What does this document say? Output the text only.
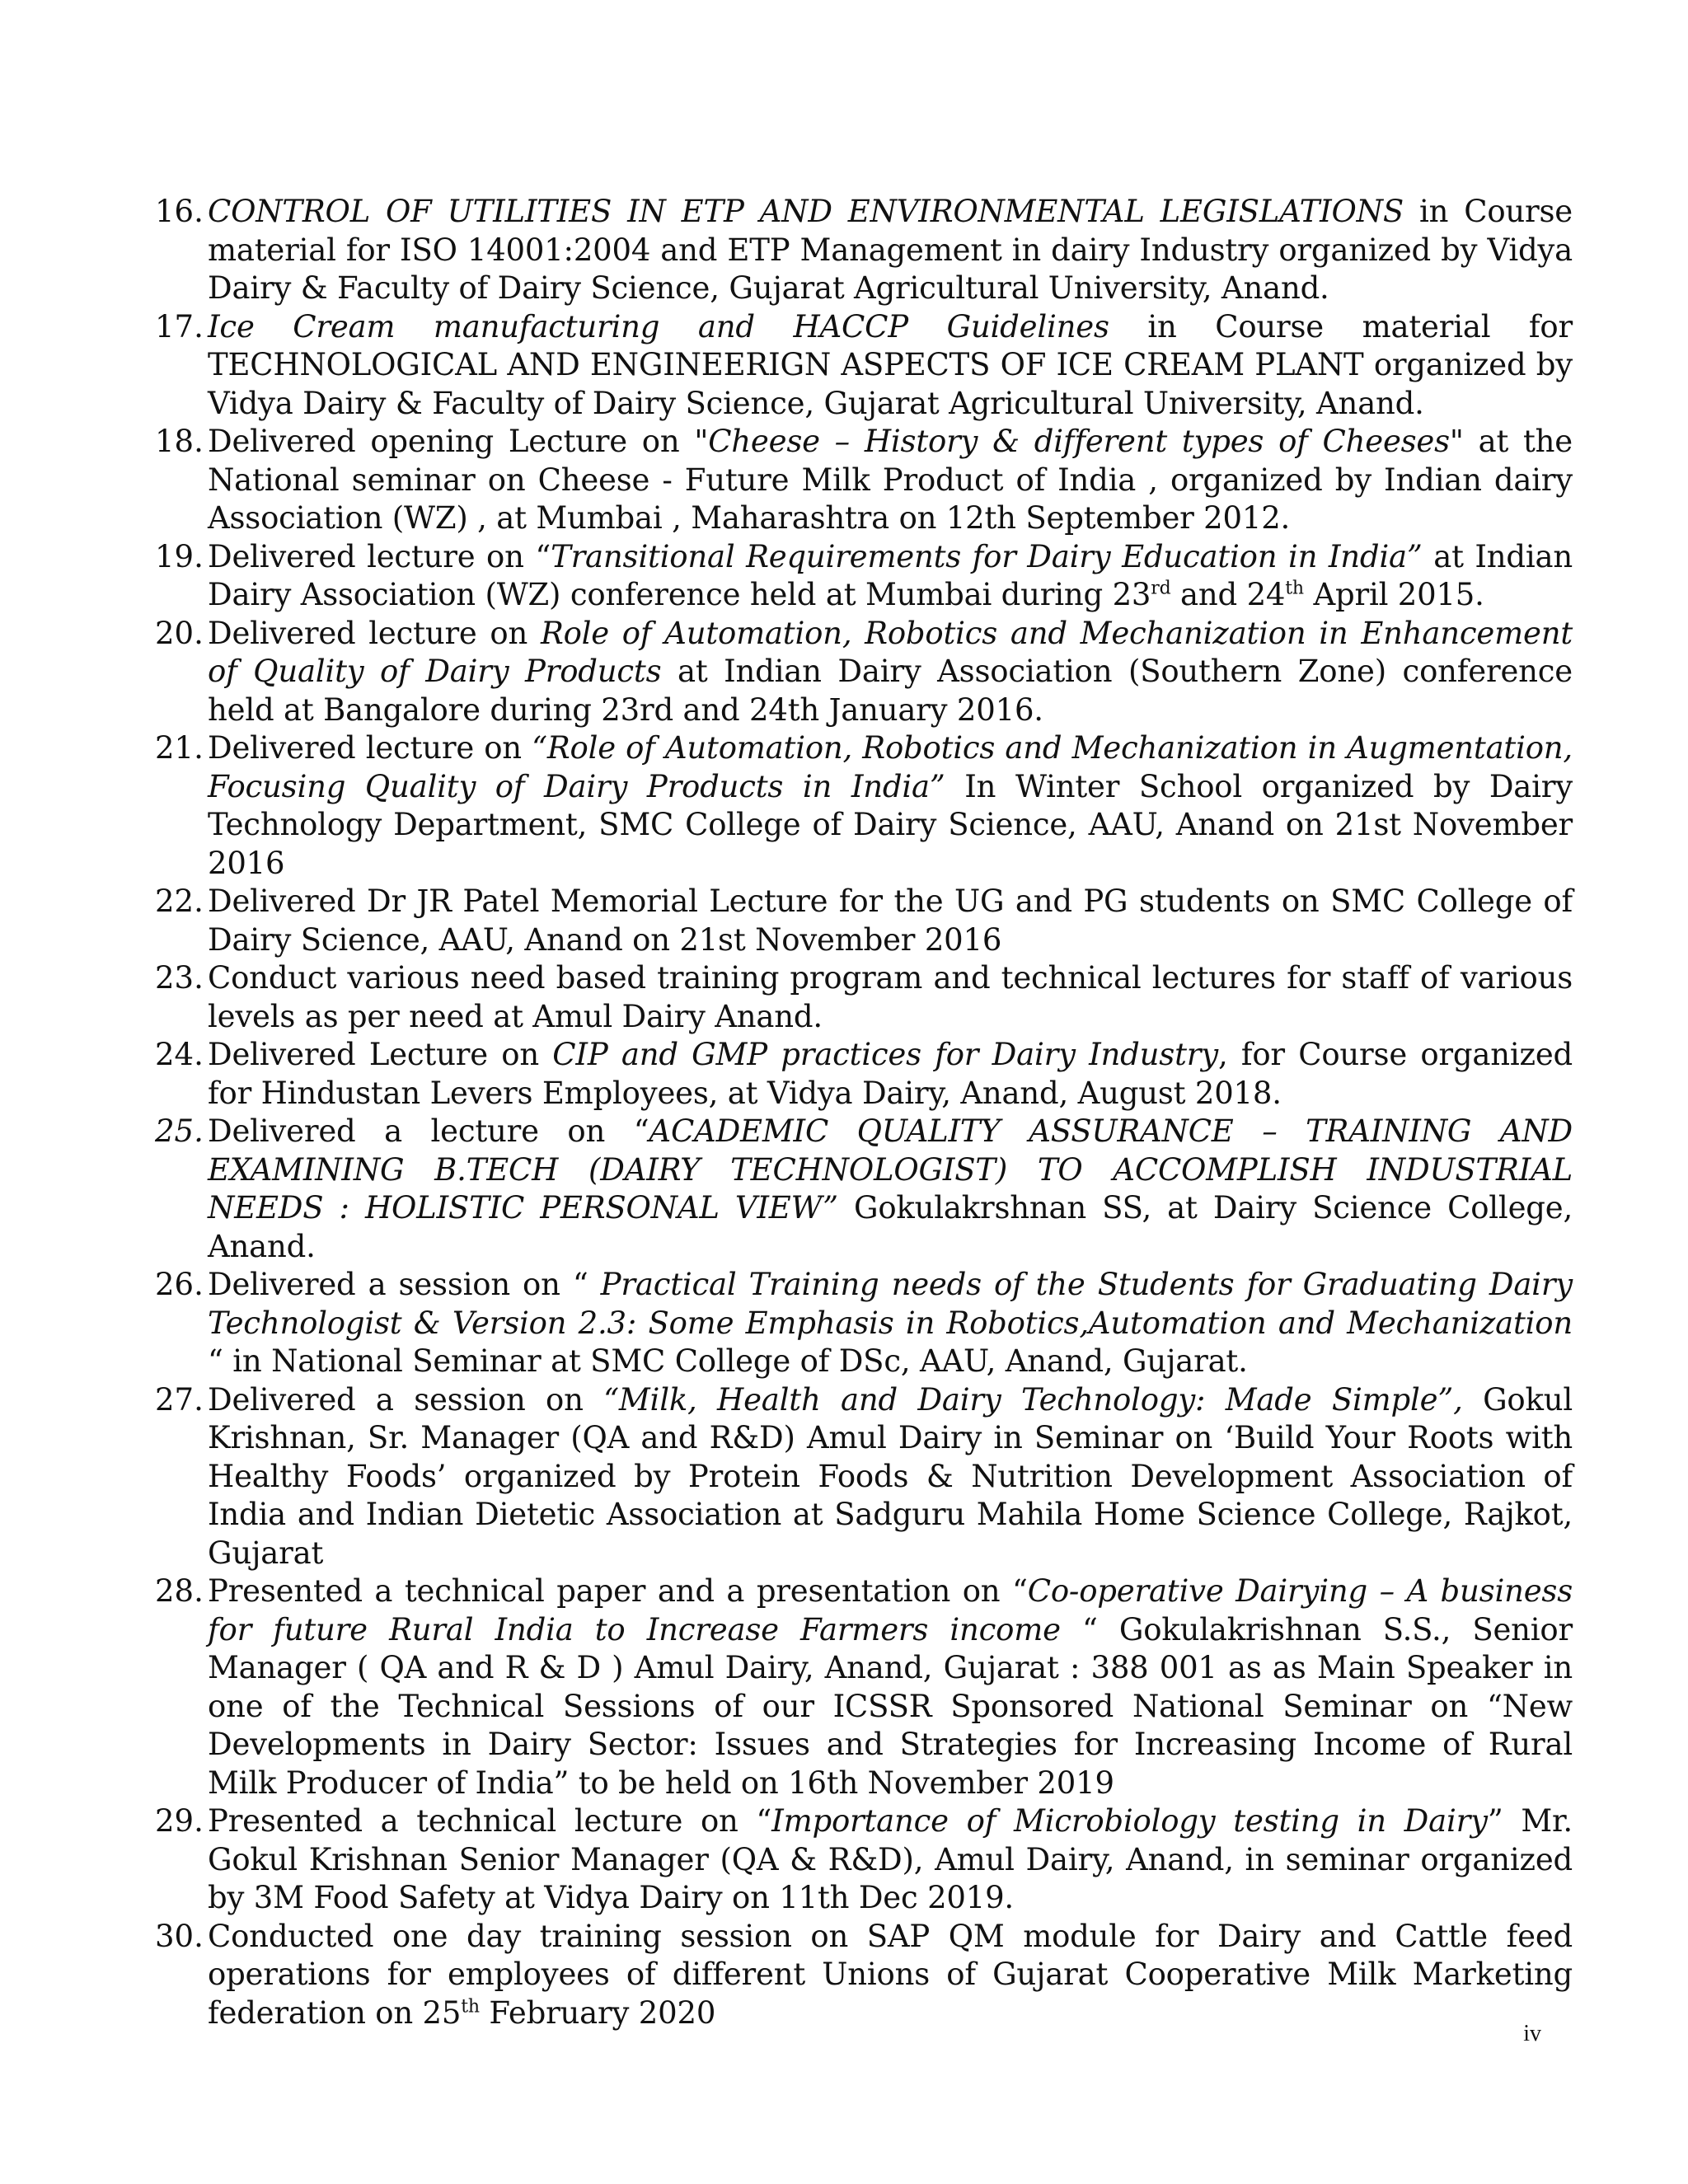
16. CONTROL OF UTILITIES IN ETP AND ENVIRONMENTAL LEGISLATIONS in Course material for ISO 14001:2004 and ETP Management in dairy Industry organized by Vidya Dairy & Faculty of Dairy Science, Gujarat Agricultural University, Anand.
17. Ice Cream manufacturing and HACCP Guidelines in Course material for TECHNOLOGICAL AND ENGINEERIGN ASPECTS OF ICE CREAM PLANT organized by Vidya Dairy & Faculty of Dairy Science, Gujarat Agricultural University, Anand.
18. Delivered opening Lecture on "Cheese – History & different types of Cheeses" at the National seminar on Cheese - Future Milk Product of India , organized by Indian dairy Association (WZ) , at Mumbai , Maharashtra on 12th September 2012.
19. Delivered lecture on “Transitional Requirements for Dairy Education in India” at Indian Dairy Association (WZ) conference held at Mumbai during 23rd and 24th April 2015.
20. Delivered lecture on Role of Automation, Robotics and Mechanization in Enhancement of Quality of Dairy Products at Indian Dairy Association (Southern Zone) conference held at Bangalore during 23rd and 24th January 2016.
21. Delivered lecture on “Role of Automation, Robotics and Mechanization in Augmentation, Focusing Quality of Dairy Products in India” In Winter School organized by Dairy Technology Department, SMC College of Dairy Science, AAU, Anand on 21st November 2016
22. Delivered Dr JR Patel Memorial Lecture for the UG and PG students on SMC College of Dairy Science, AAU, Anand on 21st November 2016
23. Conduct various need based training program and technical lectures for staff of various levels as per need at Amul Dairy Anand.
24. Delivered Lecture on CIP and GMP practices for Dairy Industry, for Course organized for Hindustan Levers Employees, at Vidya Dairy, Anand, August 2018.
25. Delivered a lecture on “ACADEMIC QUALITY ASSURANCE – TRAINING AND EXAMINING B.TECH (DAIRY TECHNOLOGIST) TO ACCOMPLISH INDUSTRIAL NEEDS : HOLISTIC PERSONAL VIEW” Gokulakrshnan SS, at Dairy Science College, Anand.
26. Delivered a session on “ Practical Training needs of the Students for Graduating Dairy Technologist & Version 2.3: Some Emphasis in Robotics,Automation and Mechanization “ in National Seminar at SMC College of DSc, AAU, Anand, Gujarat.
27. Delivered a session on “Milk, Health and Dairy Technology: Made Simple”, Gokul Krishnan, Sr. Manager (QA and R&D) Amul Dairy in Seminar on ‘Build Your Roots with Healthy Foods’ organized by Protein Foods & Nutrition Development Association of India and Indian Dietetic Association at Sadguru Mahila Home Science College, Rajkot, Gujarat
28. Presented a technical paper and a presentation on “Co-operative Dairying – A business for future Rural India to Increase Farmers income “ Gokulakrishnan S.S., Senior Manager ( QA and R & D ) Amul Dairy, Anand, Gujarat : 388 001 as as Main Speaker in one of the Technical Sessions of our ICSSR Sponsored National Seminar on “New Developments in Dairy Sector: Issues and Strategies for Increasing Income of Rural Milk Producer of India” to be held on 16th November 2019
29. Presented a technical lecture on “Importance of Microbiology testing in Dairy” Mr. Gokul Krishnan Senior Manager (QA & R&D), Amul Dairy, Anand, in seminar organized by 3M Food Safety at Vidya Dairy on 11th Dec 2019.
30. Conducted one day training session on SAP QM module for Dairy and Cattle feed operations for employees of different Unions of Gujarat Cooperative Milk Marketing federation on 25th February 2020
iv
